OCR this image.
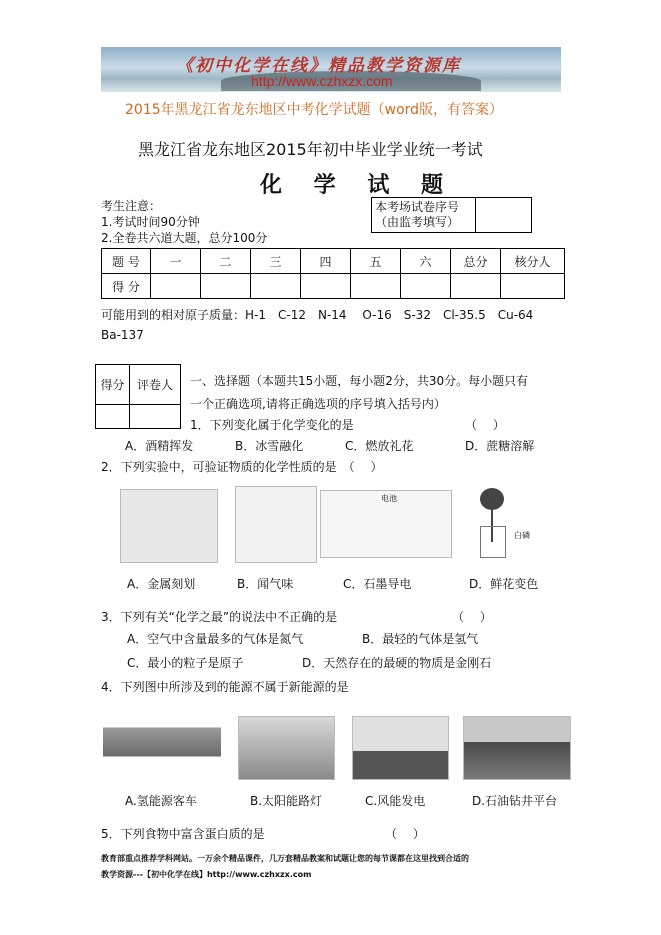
《初中化学在线》精品教学资源库
http://www.czhxzx.com
2015年黑龙江省龙东地区中考化学试题（word版，有答案）
黑龙江省龙东地区2015年初中毕业学业统一考试
化 学 试 题
考生注意：
1.考试时间90分钟
2.全卷共六道大题，总分100分
本考场试卷序号
（由监考填写）

题 号	一	二	三	四	五	六	总分	核分人
得 分								
可能用到的相对原子质量：H-1　C-12　N-14　 O-16　S-32　Cl-35.5　Cu-64
Ba-137
得分	评卷人
	一、选择题（本题共15小题，每小题2分，共30分。每小题只有
一个正确选项,请将正确选项的序号填入括号内）
1．下列变化属于化学变化的是	（　 ）
A．酒精挥发	B．冰雪融化	C．燃放礼花	D．蔗糖溶解
2．下列实验中，可验证物质的化学性质的是　（　 ）
电池
白磷
A．金属刻划	B．闻气味	C．石墨导电	D．鲜花变色
3．下列有关“化学之最”的说法中不正确的是	（　 ）
A．空气中含量最多的气体是氮气	B．最轻的气体是氢气
C．最小的粒子是原子	D．天然存在的最硬的物质是金刚石
4．下列图中所涉及到的能源不属于新能源的是
A.氢能源客车	B.太阳能路灯	C.风能发电	D.石油钻井平台
5．下列食物中富含蛋白质的是	（　 ）
教育部重点推荐学科网站。一万余个精品课件，几万套精品教案和试题让您的每节课都在这里找到合适的
教学资源---【初中化学在线】http://www.czhxzx.com
